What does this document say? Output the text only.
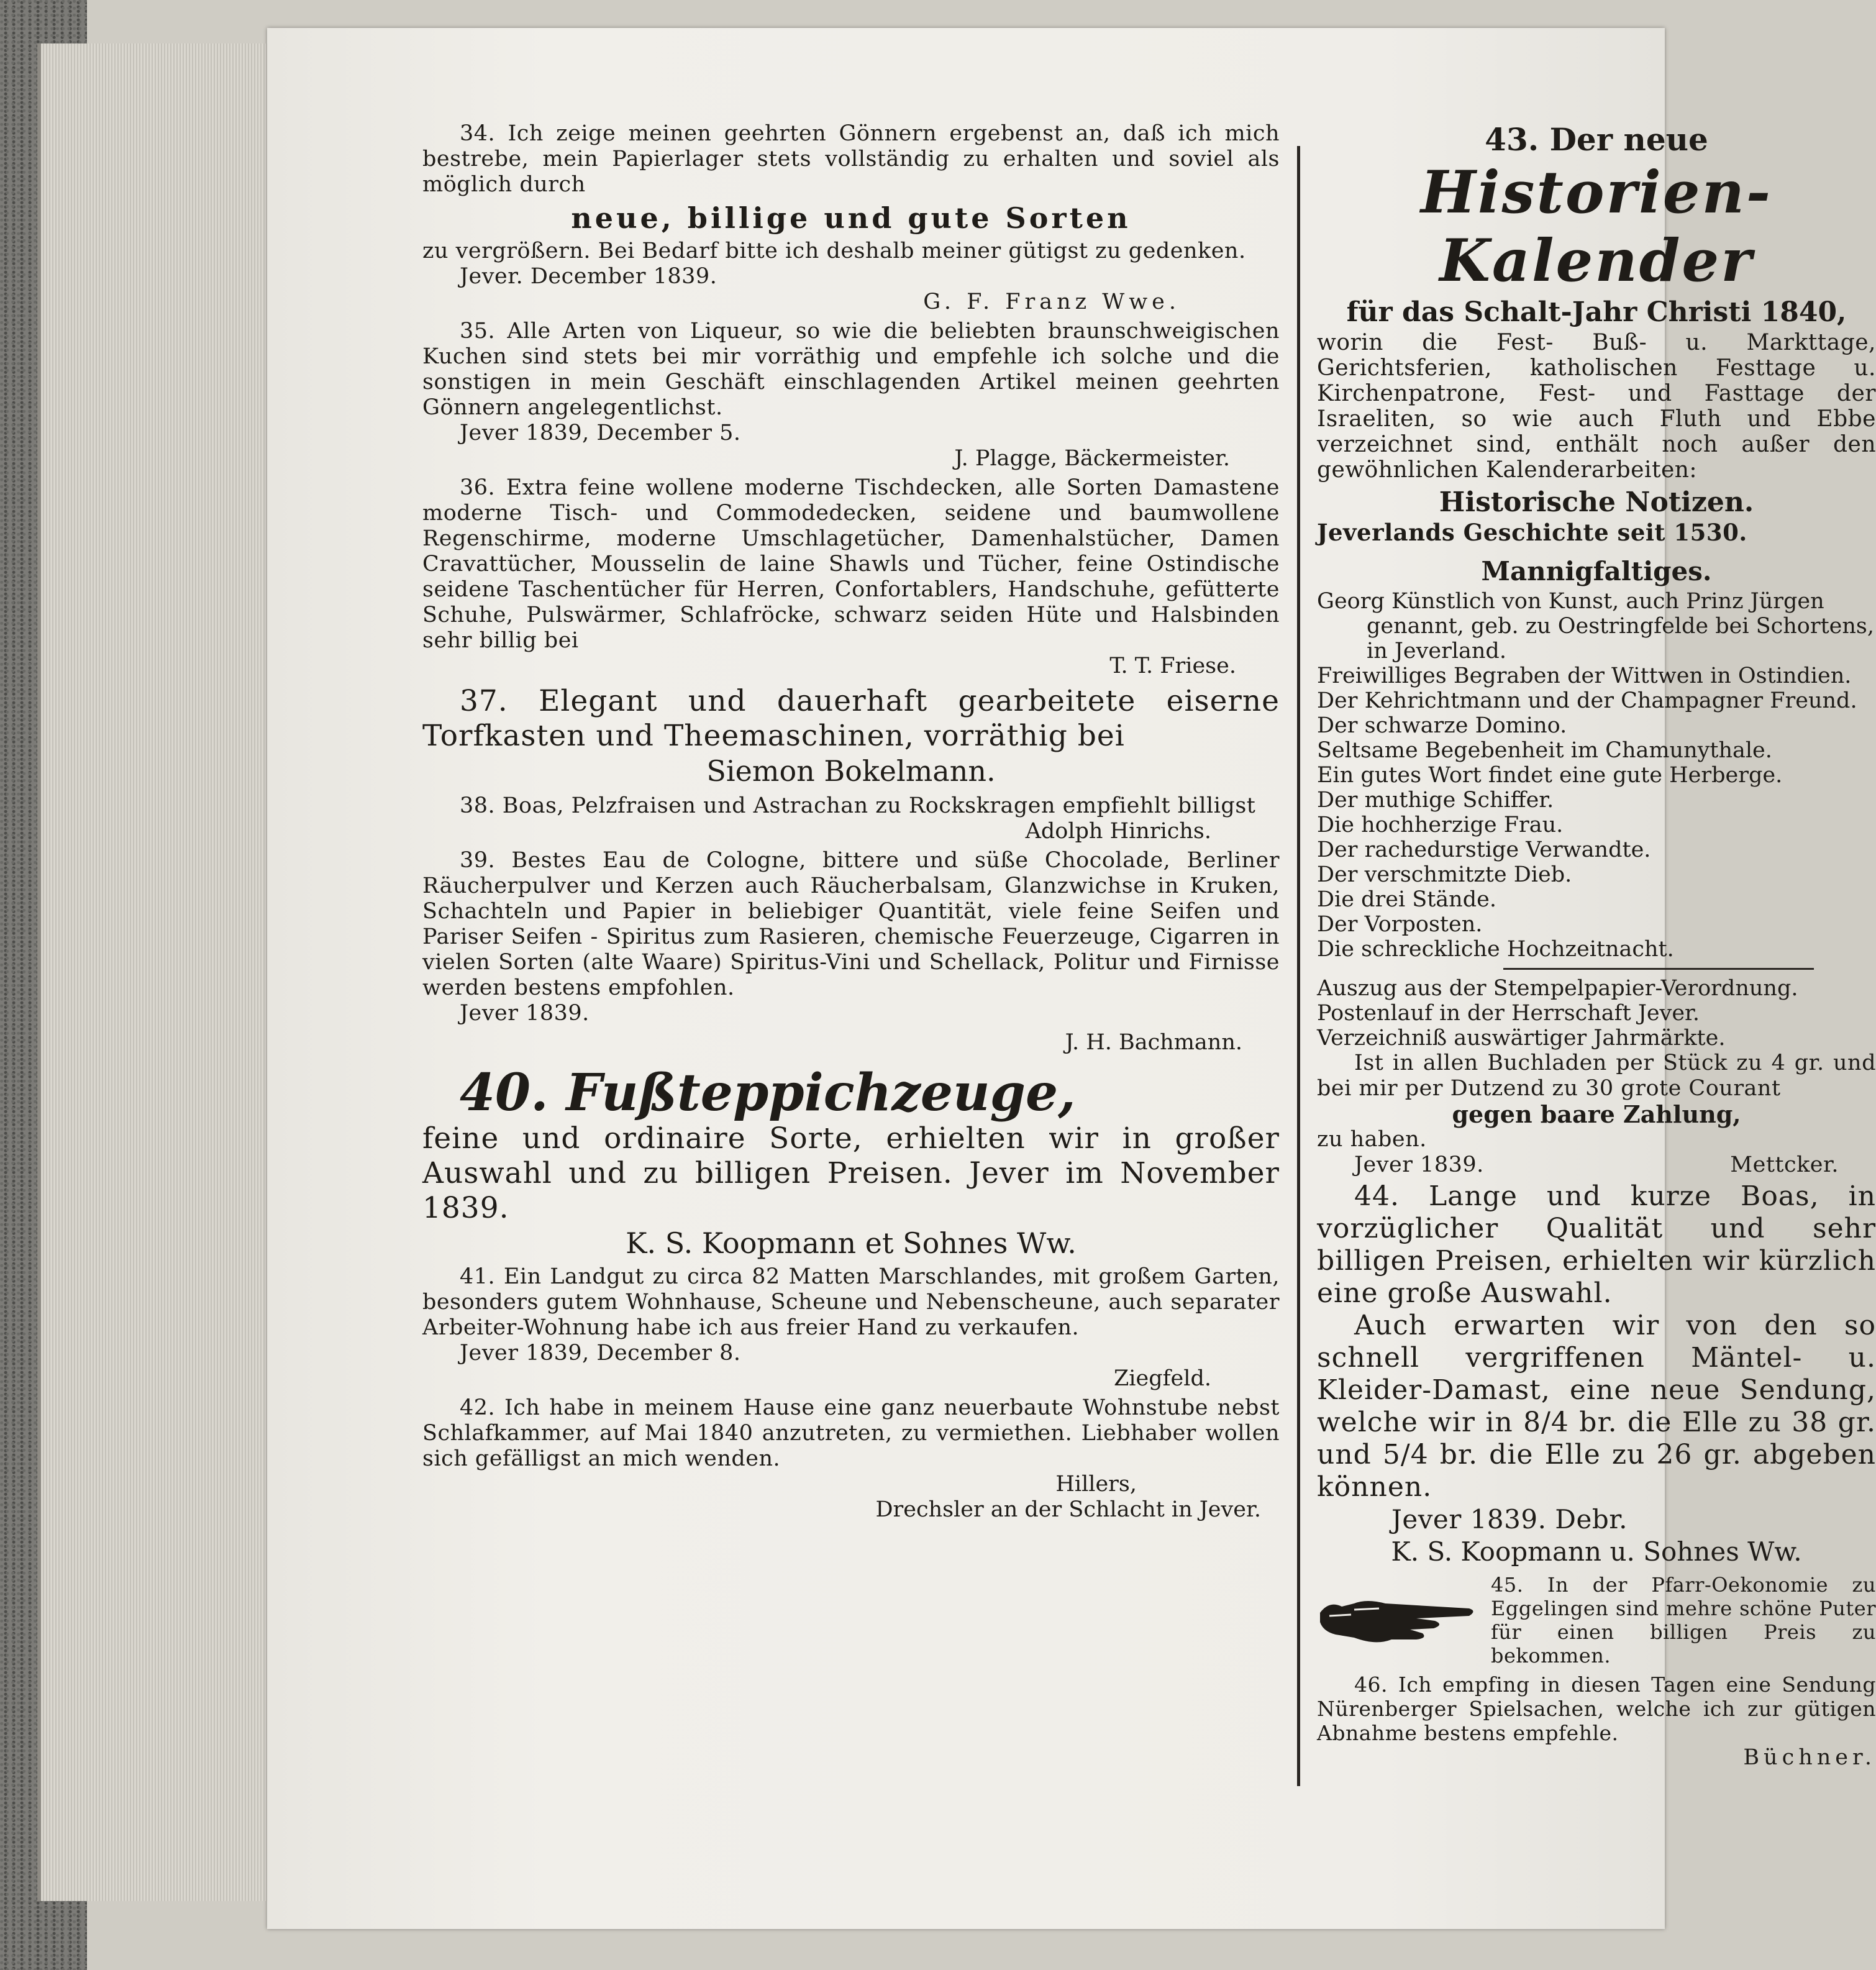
34. Ich zeige meinen geehrten Gönnern ergebenst an, daß ich mich bestrebe, mein Papierlager stets vollständig zu erhalten und soviel als möglich durch

neue, billige und gute Sorten

zu vergrößern. Bei Bedarf bitte ich deshalb meiner gütigst zu gedenken.

Jever. December 1839.

G. F. Franz Wwe.

35. Alle Arten von Liqueur, so wie die beliebten braunschweigischen Kuchen sind stets bei mir vorräthig und empfehle ich solche und die sonstigen in mein Geschäft einschlagenden Artikel meinen geehrten Gönnern angelegentlichst.

Jever 1839, December 5.

J. Plagge, Bäckermeister.

36. Extra feine wollene moderne Tischdecken, alle Sorten Damastene moderne Tisch- und Commodedecken, seidene und baumwollene Regenschirme, moderne Umschlagetücher, Damenhalstücher, Damen Cravattücher, Mousselin de laine Shawls und Tücher, feine Ostindische seidene Taschentücher für Herren, Confortablers, Handschuhe, gefütterte Schuhe, Pulswärmer, Schlafröcke, schwarz seiden Hüte und Halsbinden sehr billig bei

T. T. Friese.

37. Elegant und dauerhaft gearbeitete eiserne Torfkasten und Theemaschinen, vorräthig bei

Siemon Bokelmann.

38. Boas, Pelzfraisen und Astrachan zu Rockskragen empfiehlt billigst

Adolph Hinrichs.

39. Bestes Eau de Cologne, bittere und süße Chocolade, Berliner Räucherpulver und Kerzen auch Räucherbalsam, Glanzwichse in Kruken, Schachteln und Papier in beliebiger Quantität, viele feine Seifen und Pariser Seifen - Spiritus zum Rasieren, chemische Feuerzeuge, Cigarren in vielen Sorten (alte Waare) Spiritus-Vini und Schellack, Politur und Firnisse werden bestens empfohlen.

Jever 1839.

J. H. Bachmann.

40. Fußteppichzeuge,

feine und ordinaire Sorte, erhielten wir in großer Auswahl und zu billigen Preisen. Jever im November 1839.

K. S. Koopmann et Sohnes Ww.

41. Ein Landgut zu circa 82 Matten Marschlandes, mit großem Garten, besonders gutem Wohnhause, Scheune und Nebenscheune, auch separater Arbeiter-Wohnung habe ich aus freier Hand zu verkaufen.

Jever 1839, December 8.

Ziegfeld.

42. Ich habe in meinem Hause eine ganz neuerbaute Wohnstube nebst Schlafkammer, auf Mai 1840 anzutreten, zu vermiethen. Liebhaber wollen sich gefälligst an mich wenden.

Hillers,

Drechsler an der Schlacht in Jever.

43. Der neue

Historien-Kalender

für das Schalt-Jahr Christi 1840,

worin die Fest- Buß- u. Markttage, Gerichtsferien, katholischen Festtage u. Kirchenpatrone, Fest- und Fasttage der Israeliten, so wie auch Fluth und Ebbe verzeichnet sind, enthält noch außer den gewöhnlichen Kalenderarbeiten:

Historische Notizen.

Jeverlands Geschichte seit 1530.

Mannigfaltiges.

Georg Künstlich von Kunst, auch Prinz Jürgen genannt, geb. zu Oestringfelde bei Schortens, in Jeverland.

Freiwilliges Begraben der Wittwen in Ostindien.

Der Kehrichtmann und der Champagner Freund.

Der schwarze Domino.

Seltsame Begebenheit im Chamunythale.

Ein gutes Wort findet eine gute Herberge.

Der muthige Schiffer.

Die hochherzige Frau.

Der rachedurstige Verwandte.

Der verschmitzte Dieb.

Die drei Stände.

Der Vorposten.

Die schreckliche Hochzeitnacht.

Auszug aus der Stempelpapier-Verordnung.

Postenlauf in der Herrschaft Jever.

Verzeichniß auswärtiger Jahrmärkte.

Ist in allen Buchladen per Stück zu 4 gr. und bei mir per Dutzend zu 30 grote Courant

gegen baare Zahlung,

zu haben.

Jever 1839.	Mettcker.

44. Lange und kurze Boas, in vorzüglicher Qualität und sehr billigen Preisen, erhielten wir kürzlich eine große Auswahl.

Auch erwarten wir von den so schnell vergriffenen Mäntel- u. Kleider-Damast, eine neue Sendung, welche wir in 8/4 br. die Elle zu 38 gr. und 5/4 br. die Elle zu 26 gr. abgeben können.

Jever 1839. Debr.

K. S. Koopmann u. Sohnes Ww.

45. In der Pfarr-Oekonomie zu Eggelingen sind mehre schöne Puter für einen billigen Preis zu bekommen.

46. Ich empfing in diesen Tagen eine Sendung Nürenberger Spielsachen, welche ich zur gütigen Abnahme bestens empfehle.

Büchner.
